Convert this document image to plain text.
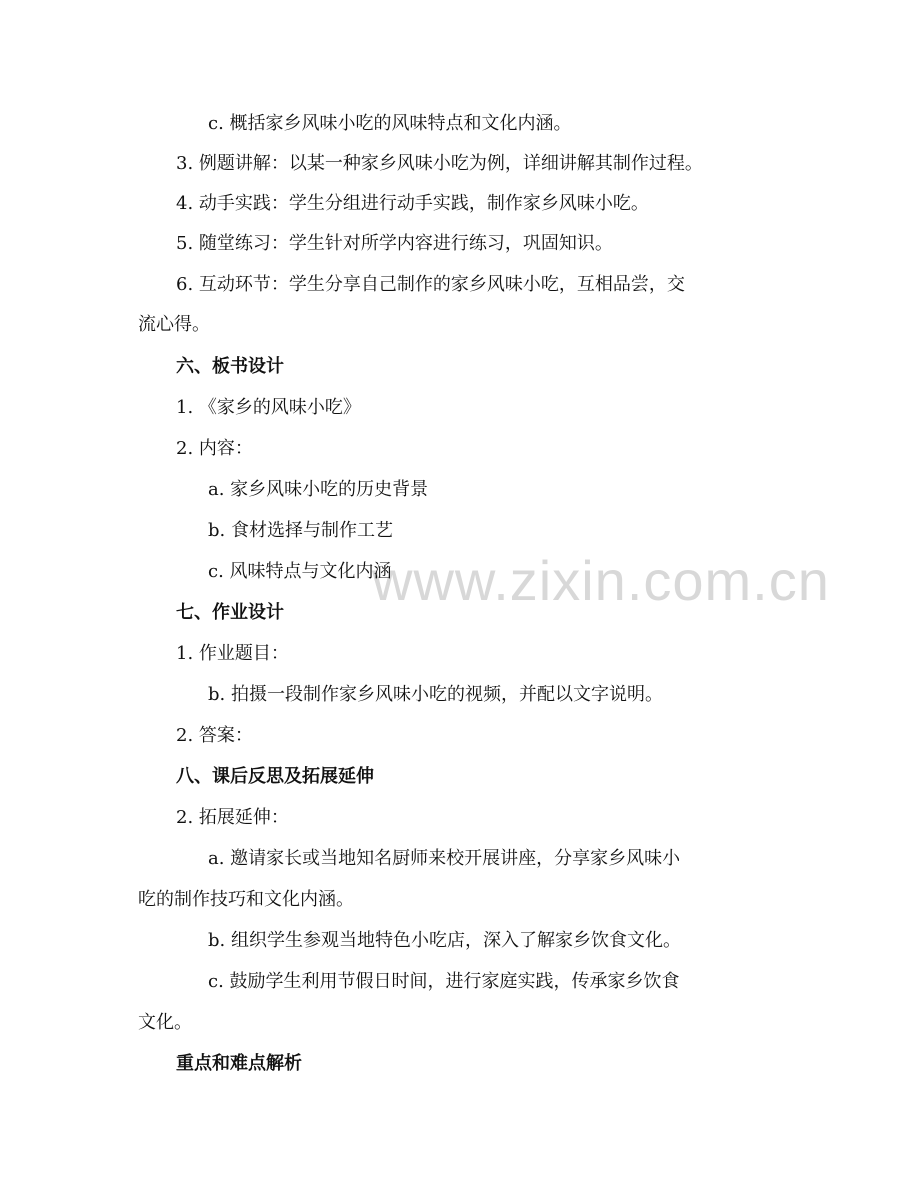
www.zixin.com.cn
c. 概括家乡风味小吃的风味特点和文化内涵。
3. 例题讲解：以某一种家乡风味小吃为例，详细讲解其制作过程。
4. 动手实践：学生分组进行动手实践，制作家乡风味小吃。
5. 随堂练习：学生针对所学内容进行练习，巩固知识。
6. 互动环节：学生分享自己制作的家乡风味小吃，互相品尝，交
流心得。
六、板书设计
1. 《家乡的风味小吃》
2. 内容：
a. 家乡风味小吃的历史背景
b. 食材选择与制作工艺
c. 风味特点与文化内涵
七、作业设计
1. 作业题目：
b. 拍摄一段制作家乡风味小吃的视频，并配以文字说明。
2. 答案：
八、课后反思及拓展延伸
2. 拓展延伸：
a. 邀请家长或当地知名厨师来校开展讲座，分享家乡风味小
吃的制作技巧和文化内涵。
b. 组织学生参观当地特色小吃店，深入了解家乡饮食文化。
c. 鼓励学生利用节假日时间，进行家庭实践，传承家乡饮食
文化。
重点和难点解析
